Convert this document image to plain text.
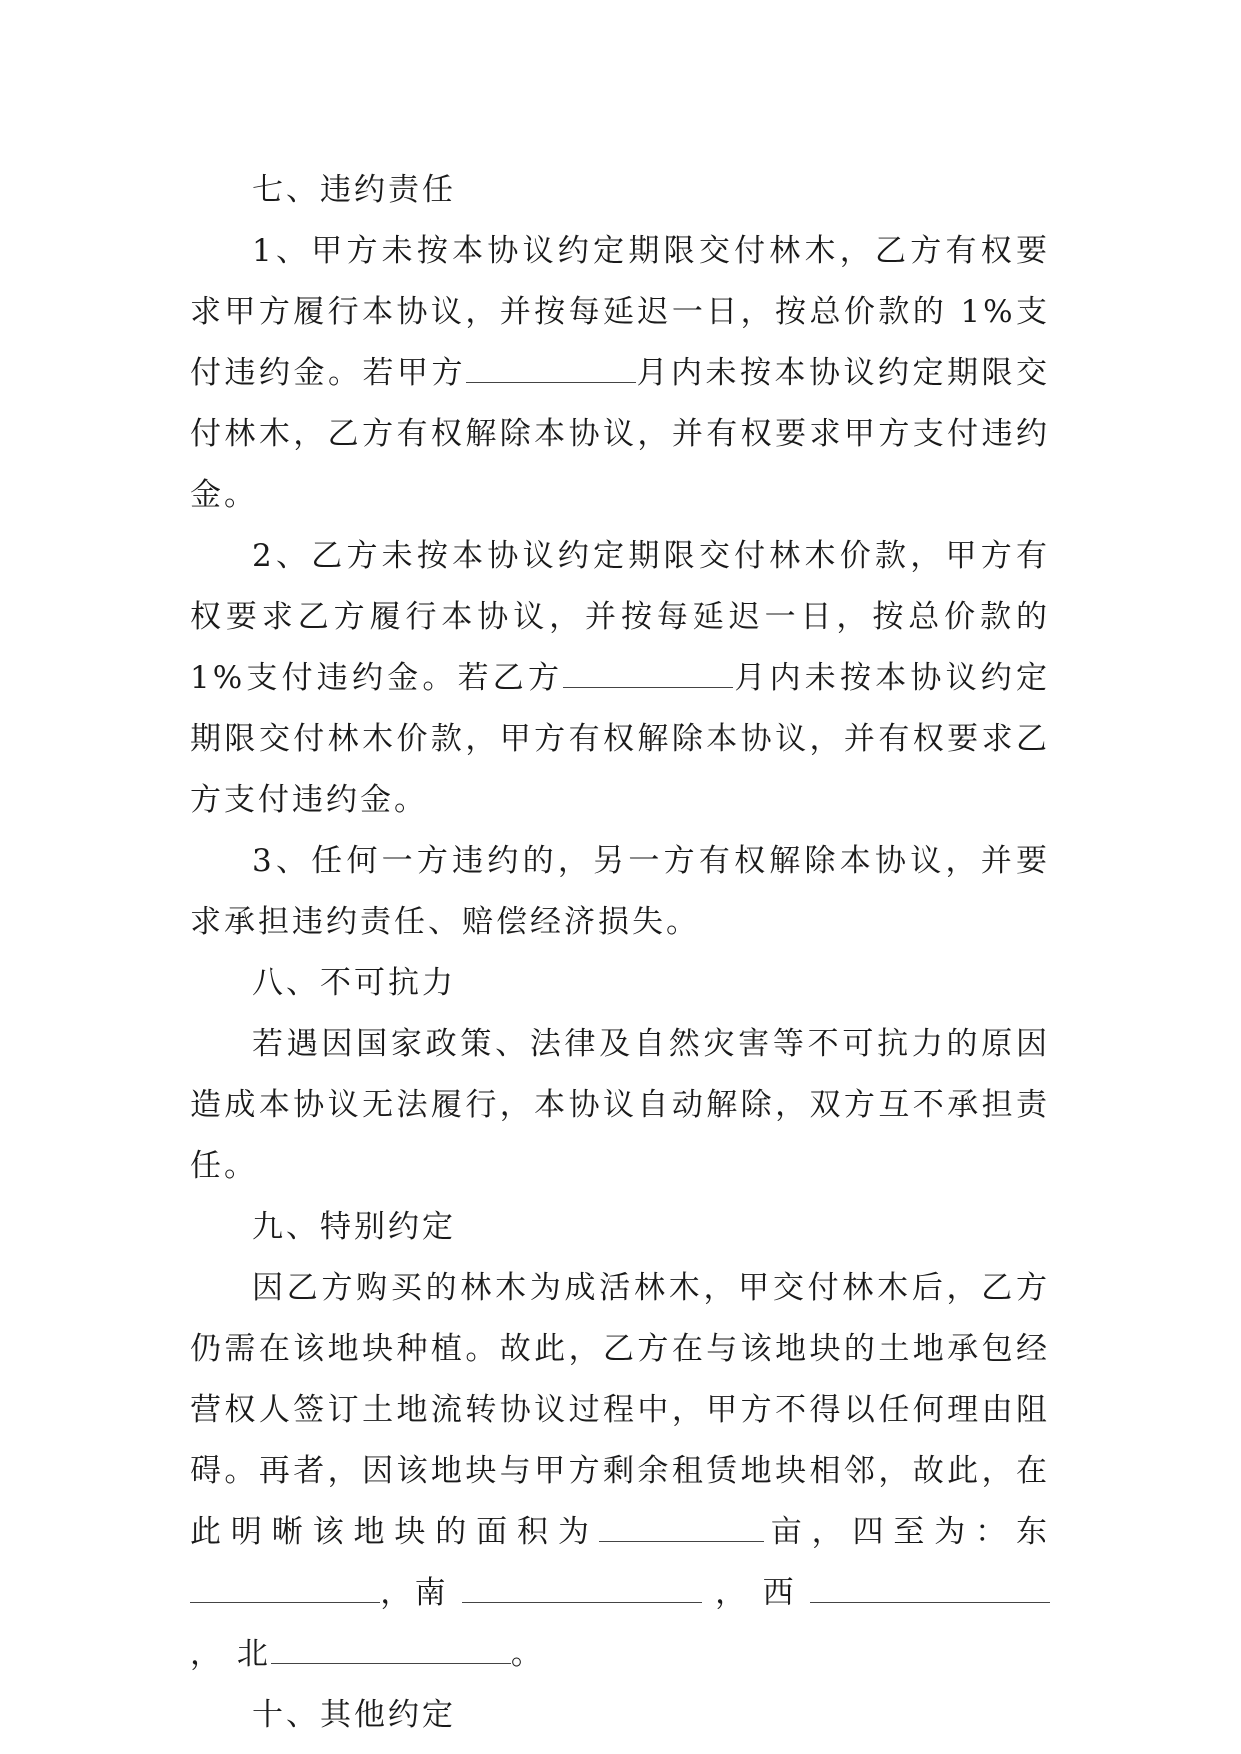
七、违约责任

1、甲方未按本协议约定期限交付林木，乙方有权要求甲方履行本协议，并按每延迟一日，按总价款的 1%支付违约金。若甲方	月内未按本协议约定期限交付林木，乙方有权解除本协议，并有权要求甲方支付违约金。

2、乙方未按本协议约定期限交付林木价款，甲方有权要求乙方履行本协议，并按每延迟一日，按总价款的 1%支付违约金。若乙方	月内未按本协议约定期限交付林木价款，甲方有权解除本协议，并有权要求乙方支付违约金。

3、任何一方违约的，另一方有权解除本协议，并要求承担违约责任、赔偿经济损失。

八、不可抗力

若遇因国家政策、法律及自然灾害等不可抗力的原因造成本协议无法履行，本协议自动解除，双方互不承担责任。

九、特别约定

因乙方购买的林木为成活林木，甲交付林木后，乙方仍需在该地块种植。故此，乙方在与该地块的土地承包经营权人签订土地流转协议过程中，甲方不得以任何理由阻碍。再者，因该地块与甲方剩余租赁地块相邻，故此，在此明晰该地块的面积为	亩，四至为：东，南	， 西  ， 北	。

十、其他约定
